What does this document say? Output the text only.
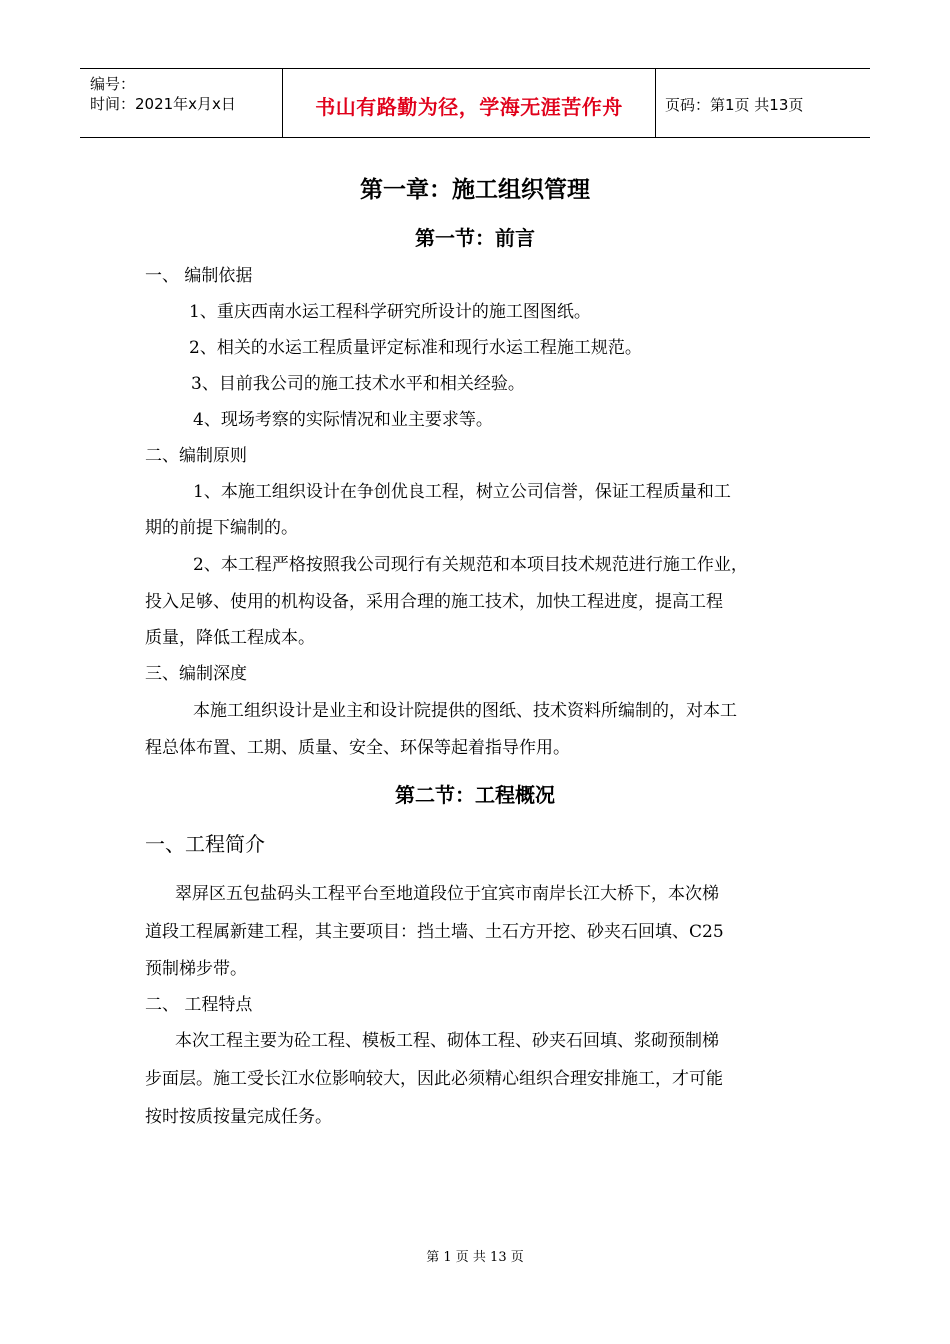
编号：
时间：2021年x月x日	书山有路勤为径，学海无涯苦作舟	页码：第1页 共13页
第一章：施工组织管理
第一节：前言
一、 编制依据
1、重庆西南水运工程科学研究所设计的施工图图纸。
2、相关的水运工程质量评定标准和现行水运工程施工规范。
3、目前我公司的施工技术水平和相关经验。
4、现场考察的实际情况和业主要求等。
二、编制原则
1、本施工组织设计在争创优良工程，树立公司信誉，保证工程质量和工
期的前提下编制的。
2、本工程严格按照我公司现行有关规范和本项目技术规范进行施工作业，
投入足够、使用的机构设备，采用合理的施工技术，加快工程进度，提高工程
质量，降低工程成本。
三、编制深度
本施工组织设计是业主和设计院提供的图纸、技术资料所编制的，对本工
程总体布置、工期、质量、安全、环保等起着指导作用。
第二节：工程概况
一、工程简介
翠屏区五包盐码头工程平台至地道段位于宜宾市南岸长江大桥下，本次梯
道段工程属新建工程，其主要项目：挡土墙、土石方开挖、砂夹石回填、C25
预制梯步带。
二、 工程特点
本次工程主要为砼工程、模板工程、砌体工程、砂夹石回填、浆砌预制梯
步面层。施工受长江水位影响较大，因此必须精心组织合理安排施工，才可能
按时按质按量完成任务。
第 1 页 共 13 页
